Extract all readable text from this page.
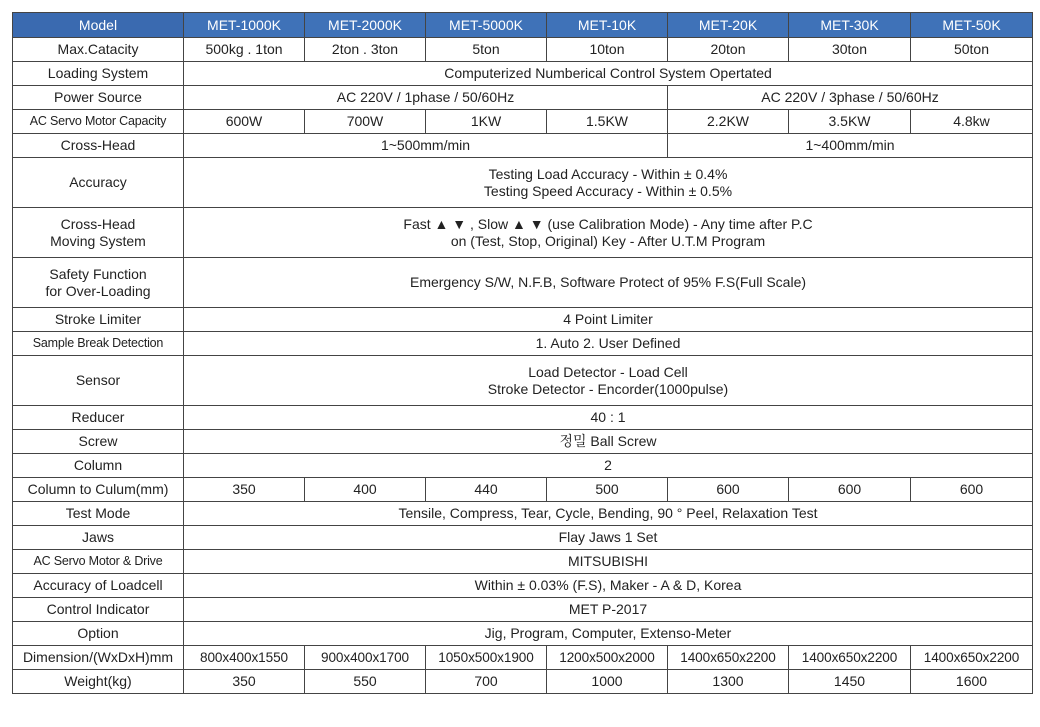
Model	MET-1000K	MET-2000K	MET-5000K	MET-10K	MET-20K	MET-30K	MET-50K
Max.Catacity	500kg . 1ton	2ton . 3ton	5ton	10ton	20ton	30ton	50ton
Loading System	Computerized Numberical Control System Opertated						
Power Source	AC 220V / 1phase / 50/60Hz				AC 220V / 3phase / 50/60Hz		
AC Servo Motor Capacity	600W	700W	1KW	1.5KW	2.2KW	3.5KW	4.8kw
Cross-Head	1~500mm/min				1~400mm/min		
Accuracy	Testing Load Accuracy - Within ± 0.4%
Testing Speed Accuracy - Within ± 0.5%						

Cross-Head
Moving System	Fast ▲ ▼ , Slow ▲ ▼ (use Calibration Mode) - Any time after P.C
on (Test, Stop, Original) Key - After U.T.M Program						

Safety Function
for Over-Loading	Emergency S/W, N.F.B, Software Protect of 95% F.S(Full Scale)						
Stroke Limiter	4 Point Limiter						
Sample Break Detection	1. Auto 2. User Defined						
Sensor	Load Detector - Load Cell
Stroke Detector - Encorder(1000pulse)						

Reducer	40 : 1						
Screw	정밀 Ball Screw						
Column	2						
Column to Culum(mm)	350	400	440	500	600	600	600
Test Mode	Tensile, Compress, Tear, Cycle, Bending, 90 ° Peel, Relaxation Test						
Jaws	Flay Jaws 1 Set						
AC Servo Motor & Drive	MITSUBISHI						
Accuracy of Loadcell	Within ± 0.03% (F.S), Maker - A & D, Korea						
Control Indicator	MET P-2017						
Option	Jig, Program, Computer, Extenso-Meter						
Dimension/(WxDxH)mm	800x400x1550	900x400x1700	1050x500x1900	1200x500x2000	1400x650x2200	1400x650x2200	1400x650x2200
Weight(kg)	350	550	700	1000	1300	1450	1600
